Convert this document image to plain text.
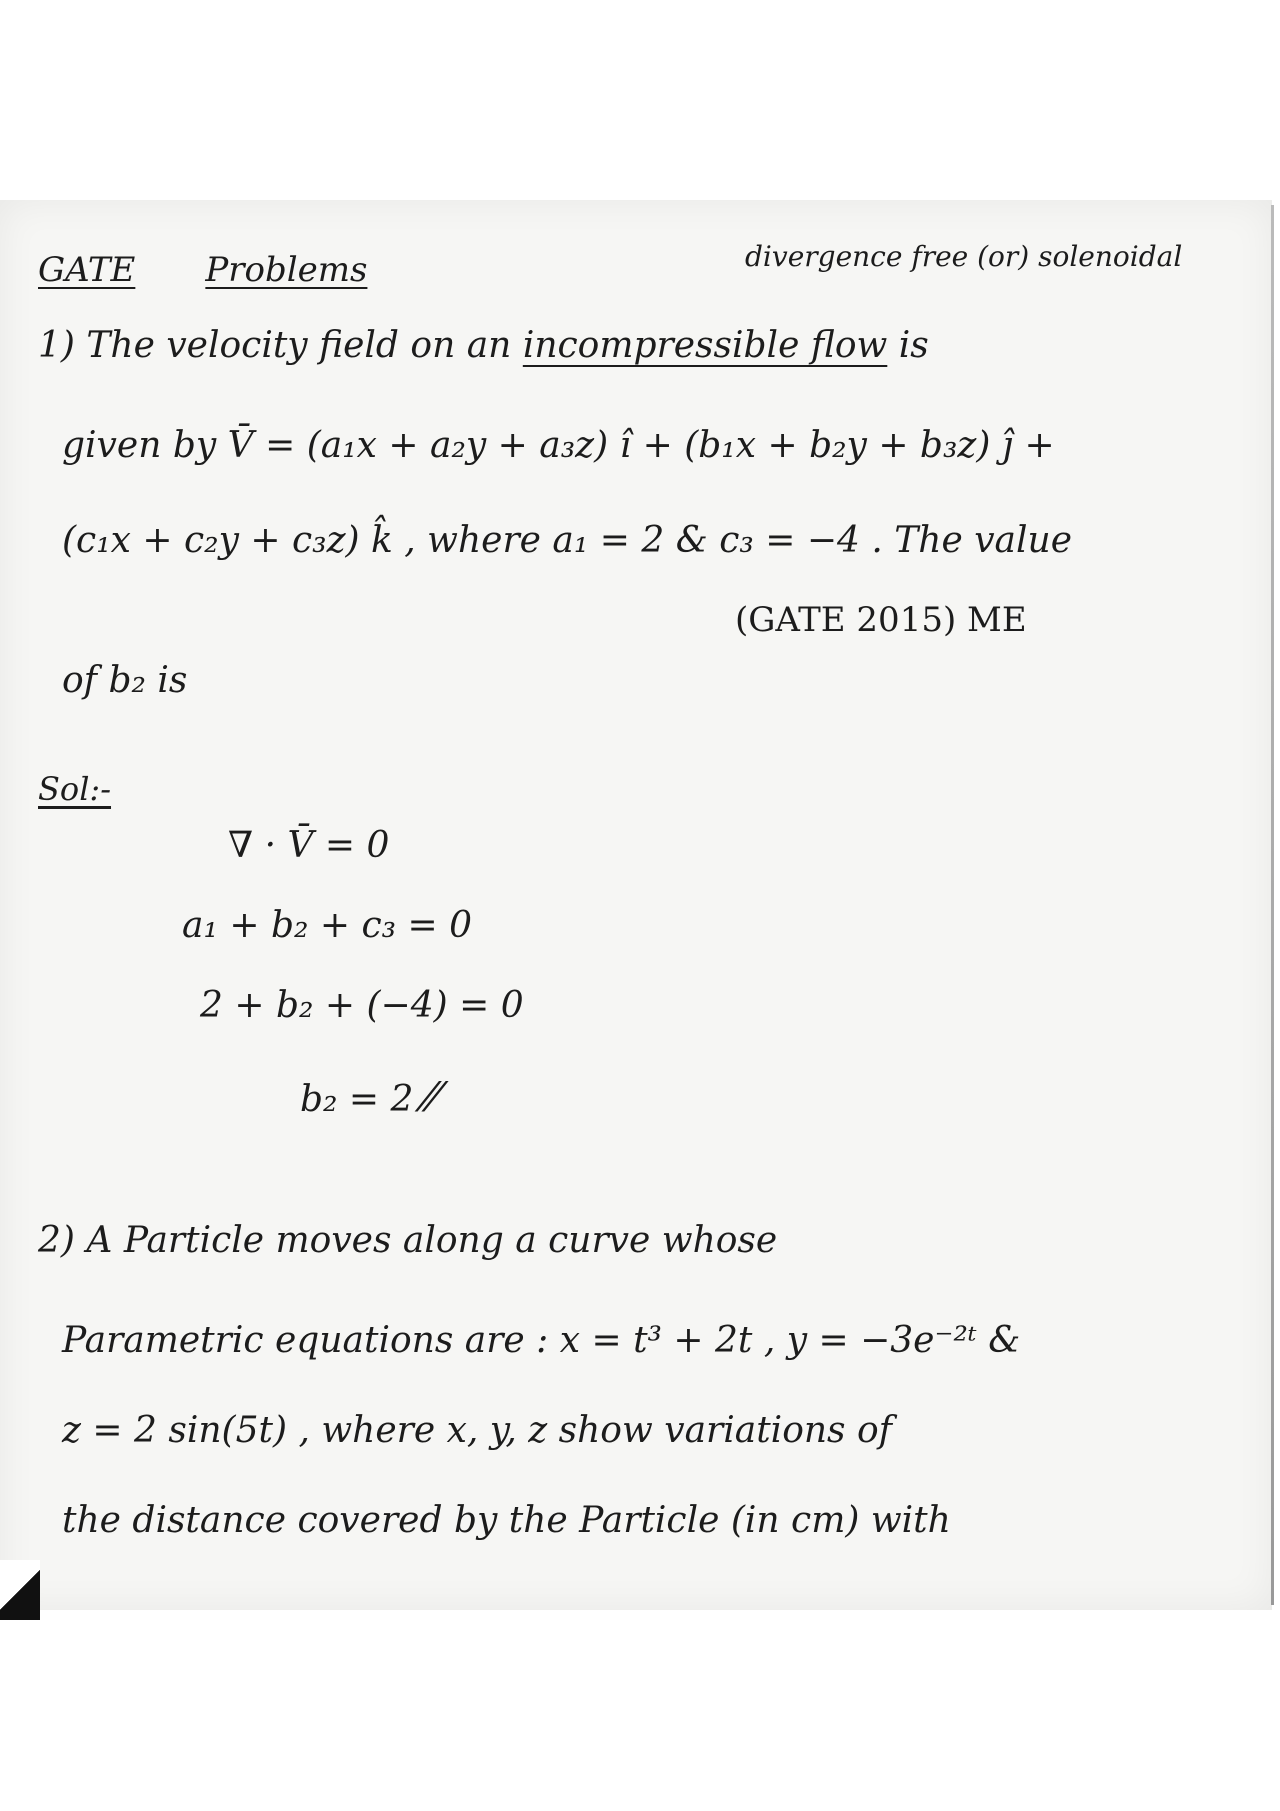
GATE Problems	divergence free (or) solenoidal
1) The velocity field on an incompressible flow is
given by V̄ = (a₁x + a₂y + a₃z) î + (b₁x + b₂y + b₃z) ĵ +
(c₁x + c₂y + c₃z) k̂ , where a₁ = 2 & c₃ = −4 . The value
of b₂ is
(GATE 2015) ME
Sol:-
∇ · V̄ = 0
a₁ + b₂ + c₃ = 0
2 + b₂ + (−4) = 0
b₂ = 2 ⁄⁄
2) A Particle moves along a curve whose
Parametric equations are : x = t³ + 2t , y = −3e⁻²ᵗ &
z = 2 sin(5t) , where x, y, z show variations of
the distance covered by the Particle (in cm) with
